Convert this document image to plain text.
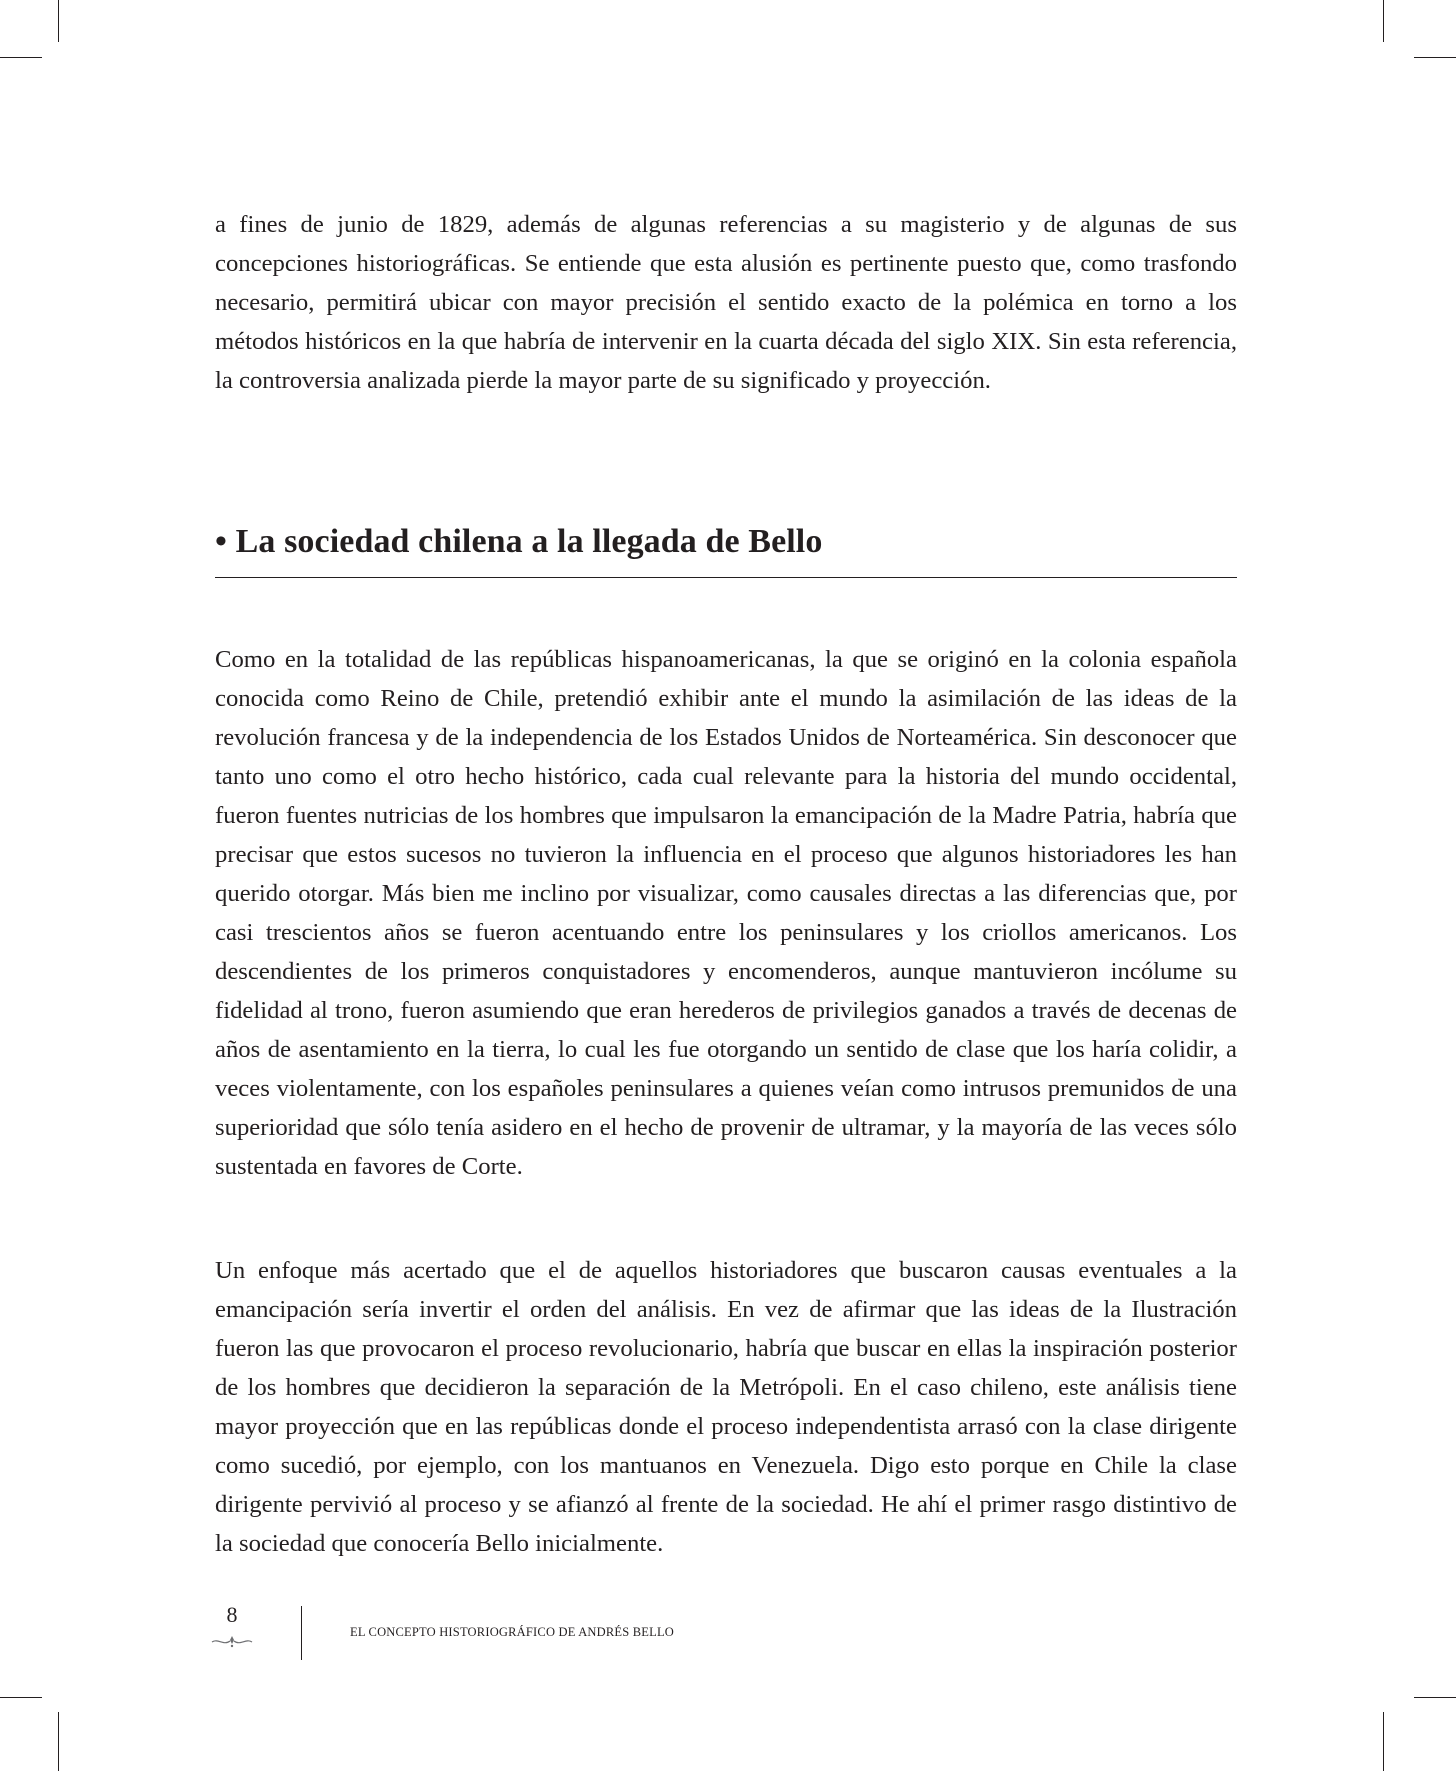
a fines de junio de 1829, además de algunas referencias a su magisterio y de algunas de sus concepciones historiográficas. Se entiende que esta alusión es pertinente puesto que, como trasfondo necesario, permitirá ubicar con mayor precisión el sentido exacto de la polémica en torno a los métodos históricos en la que habría de intervenir en la cuarta década del siglo XIX. Sin esta referencia, la controversia analizada pierde la mayor parte de su significado y proyección.

• La sociedad chilena a la llegada de Bello

Como en la totalidad de las repúblicas hispanoamericanas, la que se originó en la colonia española conocida como Reino de Chile, pretendió exhibir ante el mundo la asimilación de las ideas de la revolución francesa y de la independencia de los Estados Unidos de Norteamérica. Sin desconocer que tanto uno como el otro hecho histórico, cada cual relevante para la historia del mundo occidental, fueron fuentes nutricias de los hombres que impulsaron la emancipación de la Madre Patria, habría que precisar que estos sucesos no tuvieron la influencia en el proceso que algunos historiadores les han querido otorgar. Más bien me inclino por visualizar, como causales directas a las diferencias que, por casi trescientos años se fueron acentuando entre los peninsulares y los criollos americanos. Los descendientes de los primeros conquistadores y encomenderos, aunque mantuvieron incólume su fidelidad al trono, fueron asumiendo que eran herederos de privilegios ganados a través de decenas de años de asentamiento en la tierra, lo cual les fue otorgando un sentido de clase que los haría colidir, a veces violentamente, con los españoles peninsulares a quienes veían como intrusos premunidos de una superioridad que sólo tenía asidero en el hecho de provenir de ultramar, y la mayoría de las veces sólo sustentada en favores de Corte.

Un enfoque más acertado que el de aquellos historiadores que buscaron causas eventuales a la emancipación sería invertir el orden del análisis. En vez de afirmar que las ideas de la Ilustración fueron las que provocaron el proceso revolucionario, habría que buscar en ellas la inspiración posterior de los hombres que decidieron la separación de la Metrópoli. En el caso chileno, este análisis tiene mayor proyección que en las repúblicas donde el proceso independentista arrasó con la clase dirigente como sucedió, por ejemplo, con los mantuanos en Venezuela. Digo esto porque en Chile la clase dirigente pervivió al proceso y se afianzó al frente de la sociedad. He ahí el primer rasgo distintivo de la sociedad que conocería Bello inicialmente.

8
EL CONCEPTO HISTORIOGRÁFICO DE ANDRÉS BELLO
